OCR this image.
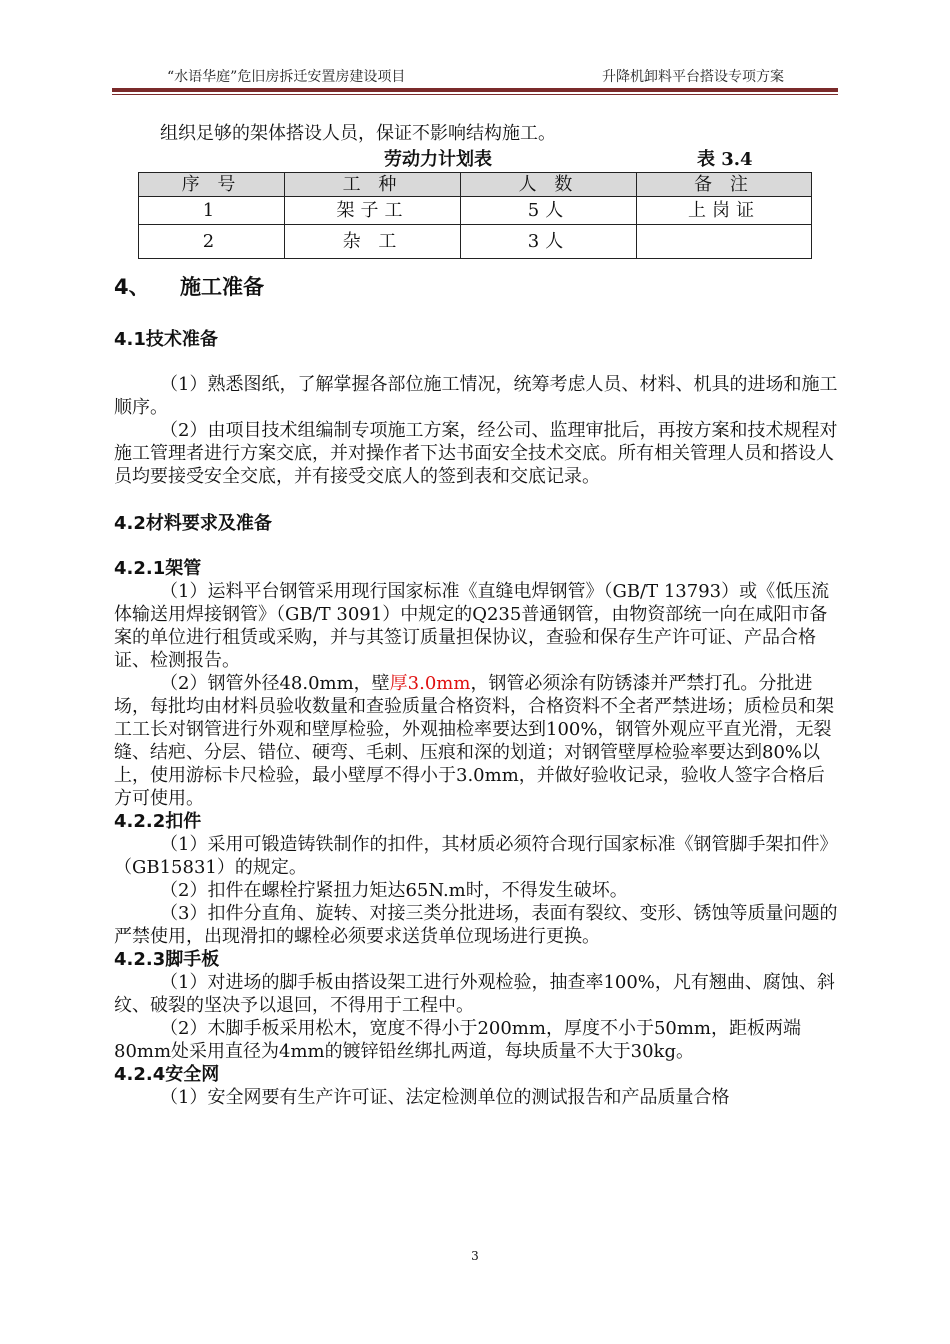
“水语华庭”危旧房拆迁安置房建设项目	升降机卸料平台搭设专项方案

组织足够的架体搭设人员，保证不影响结构施工。

劳动力计划表	表 3.4
序 号	工 种	人 数	备 注
1	架子工	5人	上岗证
2	杂 工	3人	
4、 施工准备
4.1技术准备

（1）熟悉图纸，了解掌握各部位施工情况，统筹考虑人员、材料、机具的进场和施工顺序。

（2）由项目技术组编制专项施工方案，经公司、监理审批后，再按方案和技术规程对施工管理者进行方案交底，并对操作者下达书面安全技术交底。所有相关管理人员和搭设人员均要接受安全交底，并有接受交底人的签到表和交底记录。

4.2材料要求及准备
4.2.1架管

（1）运料平台钢管采用现行国家标准《直缝电焊钢管》（GB/T 13793）或《低压流体输送用焊接钢管》（GB/T 3091）中规定的Q235普通钢管，由物资部统一向在咸阳市备案的单位进行租赁或采购，并与其签订质量担保协议，查验和保存生产许可证、产品合格证、检测报告。

（2）钢管外径48.0mm，壁厚3.0mm，钢管必须涂有防锈漆并严禁打孔。分批进场，每批均由材料员验收数量和查验质量合格资料，合格资料不全者严禁进场；质检员和架工工长对钢管进行外观和壁厚检验，外观抽检率要达到100%，钢管外观应平直光滑，无裂缝、结疤、分层、错位、硬弯、毛刺、压痕和深的划道；对钢管壁厚检验率要达到80%以上，使用游标卡尺检验，最小壁厚不得小于3.0mm，并做好验收记录，验收人签字合格后方可使用。

4.2.2扣件

（1）采用可锻造铸铁制作的扣件，其材质必须符合现行国家标准《钢管脚手架扣件》（GB15831）的规定。

（2）扣件在螺栓拧紧扭力矩达65N.m时，不得发生破坏。

（3）扣件分直角、旋转、对接三类分批进场，表面有裂纹、变形、锈蚀等质量问题的严禁使用，出现滑扣的螺栓必须要求送货单位现场进行更换。

4.2.3脚手板

（1）对进场的脚手板由搭设架工进行外观检验，抽查率100%，凡有翘曲、腐蚀、斜纹、破裂的坚决予以退回，不得用于工程中。

（2）木脚手板采用松木，宽度不得小于200mm，厚度不小于50mm，距板两端80mm处采用直径为4mm的镀锌铅丝绑扎两道，每块质量不大于30kg。

4.2.4安全网

（1）安全网要有生产许可证、法定检测单位的测试报告和产品质量合格

3
